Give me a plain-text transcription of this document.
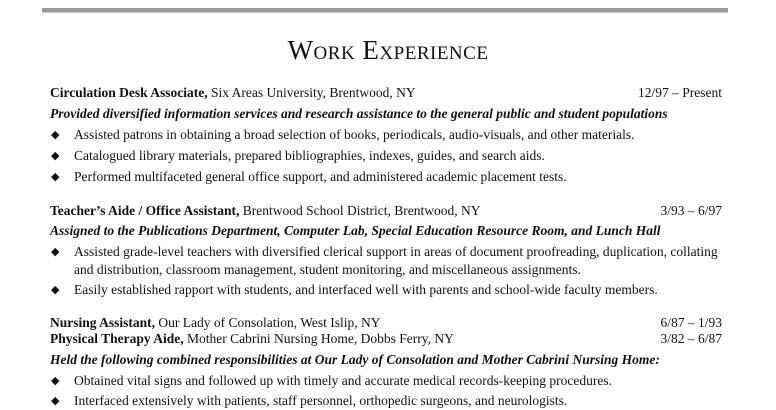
Work Experience
Circulation Desk Associate, Six Areas University, Brentwood, NY	12/97 – Present
Provided diversified information services and research assistance to the general public and student populations
◆ Assisted patrons in obtaining a broad selection of books, periodicals, audio-visuals, and other materials.
◆ Catalogued library materials, prepared bibliographies, indexes, guides, and search aids.
◆ Performed multifaceted general office support, and administered academic placement tests.
Teacher’s Aide / Office Assistant, Brentwood School District, Brentwood, NY	3/93 – 6/97
Assigned to the Publications Department, Computer Lab, Special Education Resource Room, and Lunch Hall
◆ Assisted grade-level teachers with diversified clerical support in areas of document proofreading, duplication, collating and distribution, classroom management, student monitoring, and miscellaneous assignments.
◆ Easily established rapport with students, and interfaced well with parents and school-wide faculty members.
Nursing Assistant, Our Lady of Consolation, West Islip, NY	6/87 – 1/93
Physical Therapy Aide, Mother Cabrini Nursing Home, Dobbs Ferry, NY	3/82 – 6/87
Held the following combined responsibilities at Our Lady of Consolation and Mother Cabrini Nursing Home:
◆ Obtained vital signs and followed up with timely and accurate medical records-keeping procedures.
◆ Interfaced extensively with patients, staff personnel, orthopedic surgeons, and neurologists.
